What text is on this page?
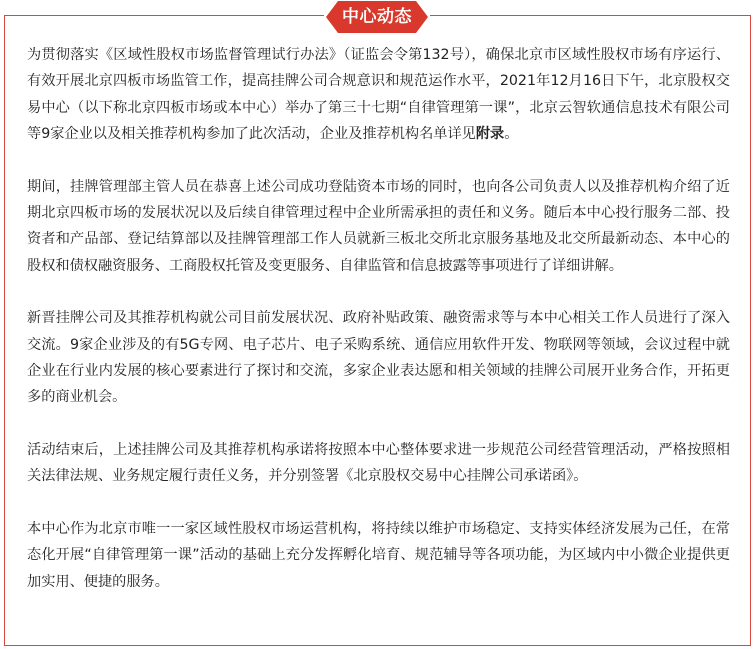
中心动态

为贯彻落实《区域性股权市场监督管理试行办法》（证监会令第132号），确保北京市区域性股权市场有序运行、有效开展北京四板市场监管工作，提高挂牌公司合规意识和规范运作水平，2021年12月16日下午，北京股权交易中心（以下称北京四板市场或本中心）举办了第三十七期“自律管理第一课”，北京云智软通信息技术有限公司等9家企业以及相关推荐机构参加了此次活动，企业及推荐机构名单详见附录。

期间，挂牌管理部主管人员在恭喜上述公司成功登陆资本市场的同时，也向各公司负责人以及推荐机构介绍了近期北京四板市场的发展状况以及后续自律管理过程中企业所需承担的责任和义务。随后本中心投行服务二部、投资者和产品部、登记结算部以及挂牌管理部工作人员就新三板北交所北京服务基地及北交所最新动态、本中心的股权和债权融资服务、工商股权托管及变更服务、自律监管和信息披露等事项进行了详细讲解。

新晋挂牌公司及其推荐机构就公司目前发展状况、政府补贴政策、融资需求等与本中心相关工作人员进行了深入交流。9家企业涉及的有5G专网、电子芯片、电子采购系统、通信应用软件开发、物联网等领域，会议过程中就企业在行业内发展的核心要素进行了探讨和交流，多家企业表达愿和相关领域的挂牌公司展开业务合作，开拓更多的商业机会。

活动结束后，上述挂牌公司及其推荐机构承诺将按照本中心整体要求进一步规范公司经营管理活动，严格按照相关法律法规、业务规定履行责任义务，并分别签署《北京股权交易中心挂牌公司承诺函》。

本中心作为北京市唯一一家区域性股权市场运营机构，将持续以维护市场稳定、支持实体经济发展为己任，在常态化开展“自律管理第一课”活动的基础上充分发挥孵化培育、规范辅导等各项功能，为区域内中小微企业提供更加实用、便捷的服务。
